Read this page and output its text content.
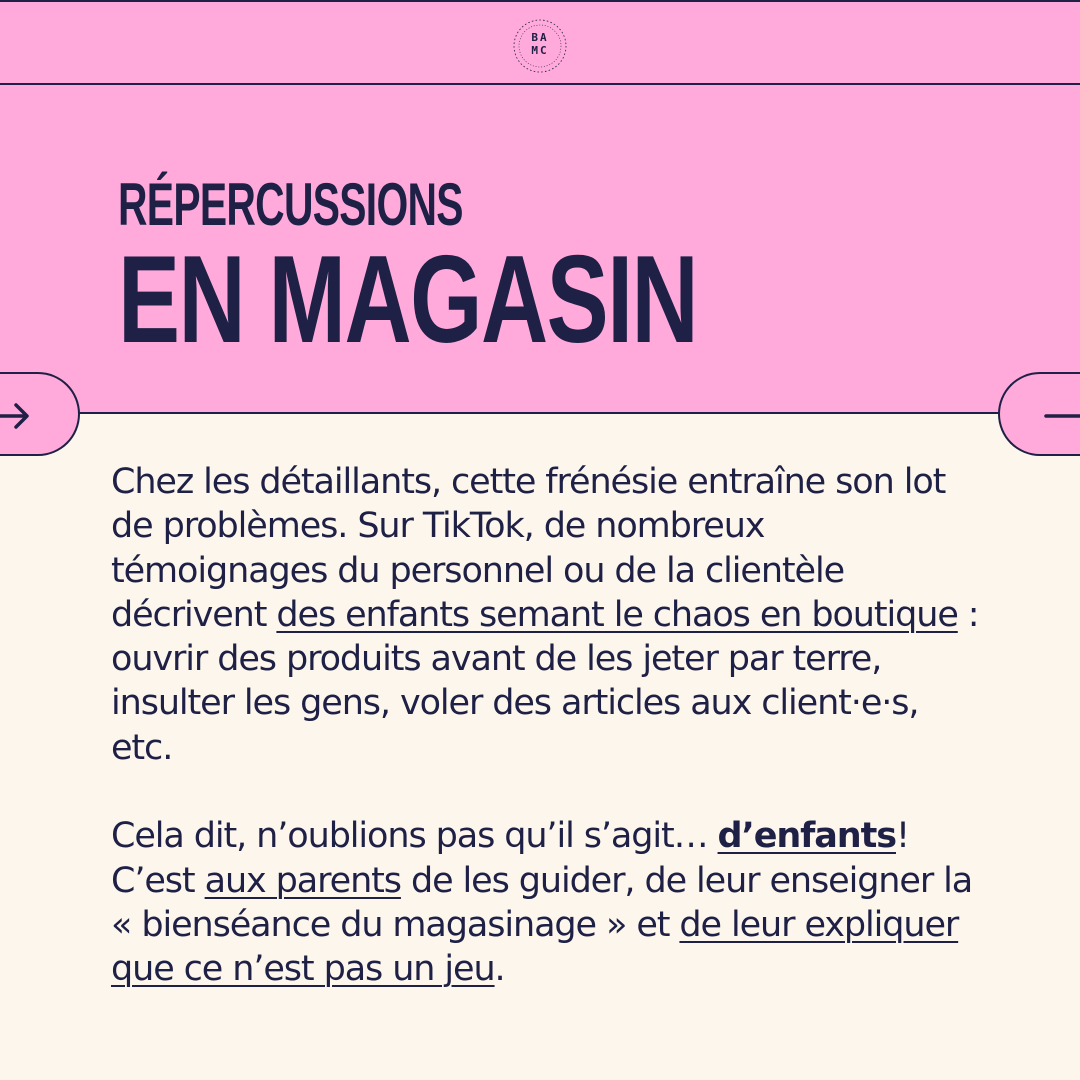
BA
MC
RÉPERCUSSIONS
EN MAGASIN

Chez les détaillants, cette frénésie entraîne son lot de problèmes. Sur TikTok, de nombreux témoignages du personnel ou de la clientèle décrivent des enfants semant le chaos en boutique : ouvrir des produits avant de les jeter par terre, insulter les gens, voler des articles aux client·e·s, etc.

Cela dit, n’oublions pas qu’il s’agit… d’enfants! C’est aux parents de les guider, de leur enseigner la « bienséance du magasinage » et de leur expliquer que ce n’est pas un jeu.
